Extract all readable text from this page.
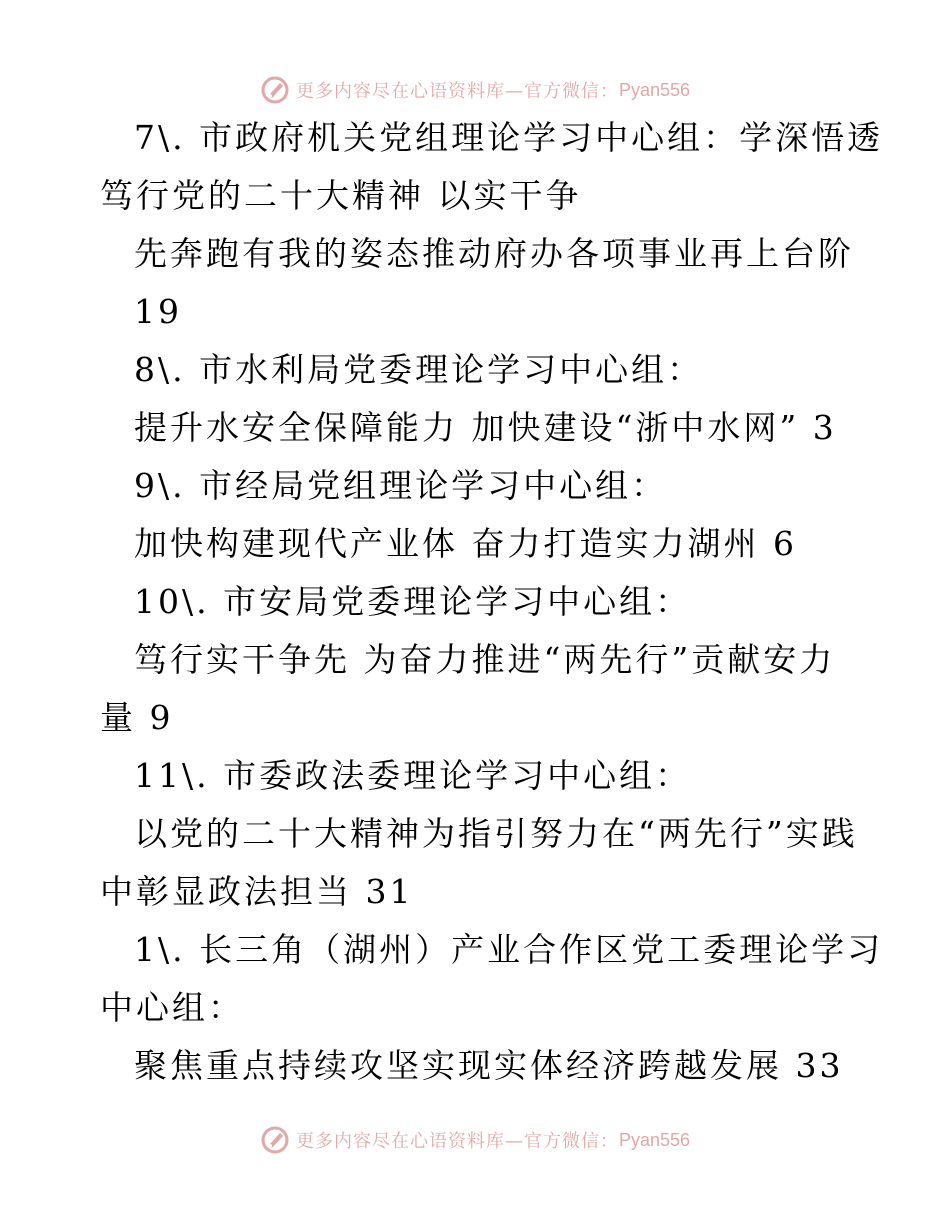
更多内容尽在心语资料库—官方微信： Pyan556
7\. 市政府机关党组理论学习中心组：学深悟透
笃行党的二十大精神 以实干争
先奔跑有我的姿态推动府办各项事业再上台阶
19
8\. 市水利局党委理论学习中心组：
提升水安全保障能力 加快建设“浙中水网” 3
9\. 市经局党组理论学习中心组：
加快构建现代产业体 奋力打造实力湖州 6
10\. 市安局党委理论学习中心组：
笃行实干争先 为奋力推进“两先行”贡献安力
量 9
11\. 市委政法委理论学习中心组：
以党的二十大精神为指引努力在“两先行”实践
中彰显政法担当 31
1\. 长三角（湖州）产业合作区党工委理论学习
中心组：
聚焦重点持续攻坚实现实体经济跨越发展 33
更多内容尽在心语资料库—官方微信： Pyan556
